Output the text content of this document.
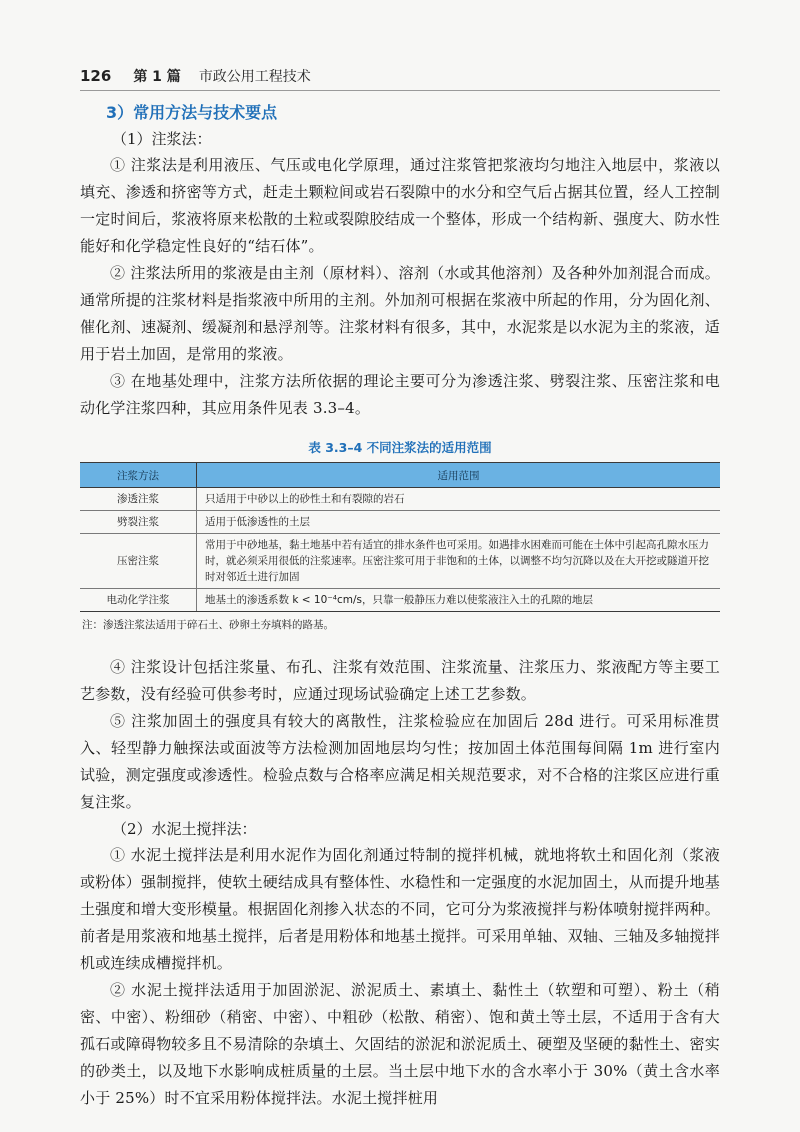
126 第 1 篇 市政公用工程技术
3）常用方法与技术要点
（1）注浆法：

① 注浆法是利用液压、气压或电化学原理，通过注浆管把浆液均匀地注入地层中，浆液以填充、渗透和挤密等方式，赶走土颗粒间或岩石裂隙中的水分和空气后占据其位置，经人工控制一定时间后，浆液将原来松散的土粒或裂隙胶结成一个整体，形成一个结构新、强度大、防水性能好和化学稳定性良好的“结石体”。

② 注浆法所用的浆液是由主剂（原材料）、溶剂（水或其他溶剂）及各种外加剂混合而成。通常所提的注浆材料是指浆液中所用的主剂。外加剂可根据在浆液中所起的作用，分为固化剂、催化剂、速凝剂、缓凝剂和悬浮剂等。注浆材料有很多，其中，水泥浆是以水泥为主的浆液，适用于岩土加固，是常用的浆液。

③ 在地基处理中，注浆方法所依据的理论主要可分为渗透注浆、劈裂注浆、压密注浆和电动化学注浆四种，其应用条件见表 3.3–4。

表 3.3–4 不同注浆法的适用范围
注浆方法	适用范围
渗透注浆	只适用于中砂以上的砂性土和有裂隙的岩石
劈裂注浆	适用于低渗透性的土层
压密注浆	常用于中砂地基，黏土地基中若有适宜的排水条件也可采用。如遇排水困难而可能在土体中引起高孔隙水压力时，就必须采用很低的注浆速率。压密注浆可用于非饱和的土体，以调整不均匀沉降以及在大开挖或隧道开挖时对邻近土进行加固
电动化学注浆	地基土的渗透系数 k < 10⁻⁴cm/s，只靠一般静压力难以使浆液注入土的孔隙的地层
注：渗透注浆法适用于碎石土、砂卵土夯填料的路基。

④ 注浆设计包括注浆量、布孔、注浆有效范围、注浆流量、注浆压力、浆液配方等主要工艺参数，没有经验可供参考时，应通过现场试验确定上述工艺参数。

⑤ 注浆加固土的强度具有较大的离散性，注浆检验应在加固后 28d 进行。可采用标准贯入、轻型静力触探法或面波等方法检测加固地层均匀性；按加固土体范围每间隔 1m 进行室内试验，测定强度或渗透性。检验点数与合格率应满足相关规范要求，对不合格的注浆区应进行重复注浆。

（2）水泥土搅拌法：

① 水泥土搅拌法是利用水泥作为固化剂通过特制的搅拌机械，就地将软土和固化剂（浆液或粉体）强制搅拌，使软土硬结成具有整体性、水稳性和一定强度的水泥加固土，从而提升地基土强度和增大变形模量。根据固化剂掺入状态的不同，它可分为浆液搅拌与粉体喷射搅拌两种。前者是用浆液和地基土搅拌，后者是用粉体和地基土搅拌。可采用单轴、双轴、三轴及多轴搅拌机或连续成槽搅拌机。

② 水泥土搅拌法适用于加固淤泥、淤泥质土、素填土、黏性土（软塑和可塑）、粉土（稍密、中密）、粉细砂（稍密、中密）、中粗砂（松散、稍密）、饱和黄土等土层，不适用于含有大孤石或障碍物较多且不易清除的杂填土、欠固结的淤泥和淤泥质土、硬塑及坚硬的黏性土、密实的砂类土，以及地下水影响成桩质量的土层。当土层中地下水的含水率小于 30%（黄土含水率小于 25%）时不宜采用粉体搅拌法。水泥土搅拌桩用
